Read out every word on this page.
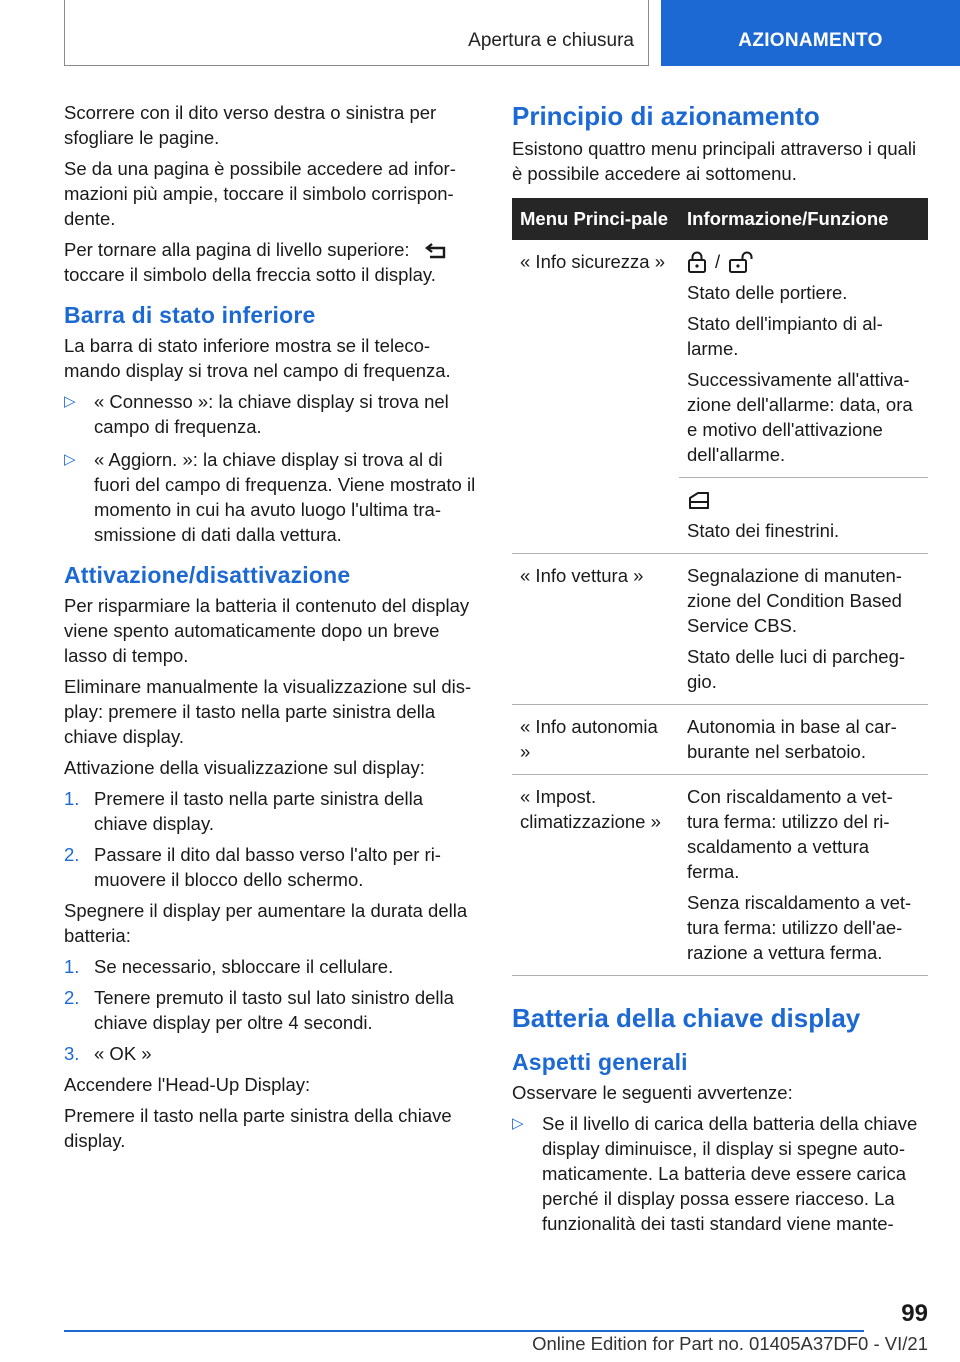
Apertura e chiusura	AZIONAMENTO

Scorrere con il dito verso destra o sinistra per sfogliare le pagine.

Se da una pagina è possibile accedere ad infor-mazioni più ampie, toccare il simbolo corrispon-dente.

Per tornare alla pagina di livello superiore:
toccare il simbolo della freccia sotto il display.

Barra di stato inferiore

La barra di stato inferiore mostra se il teleco-mando display si trova nel campo di frequenza.

▷ « Connesso »: la chiave display si trova nel campo di frequenza.
▷ « Aggiorn. »: la chiave display si trova al di fuori del campo di frequenza. Viene mostrato il momento in cui ha avuto luogo l'ultima tra-smissione di dati dalla vettura.
Attivazione/disattivazione

Per risparmiare la batteria il contenuto del display viene spento automaticamente dopo un breve lasso di tempo.

Eliminare manualmente la visualizzazione sul dis-play: premere il tasto nella parte sinistra della chiave display.

Attivazione della visualizzazione sul display:

1. Premere il tasto nella parte sinistra della chiave display.
2. Passare il dito dal basso verso l'alto per ri-muovere il blocco dello schermo.

Spegnere il display per aumentare la durata della batteria:

1. Se necessario, sbloccare il cellulare.
2. Tenere premuto il tasto sul lato sinistro della chiave display per oltre 4 secondi.
3. « OK »

Accendere l'Head-Up Display:

Premere il tasto nella parte sinistra della chiave display.

Principio di azionamento

Esistono quattro menu principali attraverso i quali è possibile accedere ai sottomenu.

Menu Princi-pale	Informazione/Funzione
« Info sicurezza »	/

Stato delle portiere.

Stato dell'impianto di al-larme.

Successivamente all'attiva-zione dell'allarme: data, ora e motivo dell'attivazione dell'allarme.

	Stato dei finestrini.

« Info vettura »	Segnalazione di manuten-zione del Condition Based Service CBS.

Stato delle luci di parcheg-gio.

« Info autonomia »	Autonomia in base al car-burante nel serbatoio.

« Impost. climatizzazione »	Con riscaldamento a vet-tura ferma: utilizzo del ri-scaldamento a vettura ferma.

Senza riscaldamento a vet-tura ferma: utilizzo dell'ae-razione a vettura ferma.

Batteria della chiave display
Aspetti generali

Osservare le seguenti avvertenze:

▷ Se il livello di carica della batteria della chiave display diminuisce, il display si spegne auto-maticamente. La batteria deve essere carica perché il display possa essere riacceso. La funzionalità dei tasti standard viene mante-
99
Online Edition for Part no. 01405A37DF0 - VI/21
